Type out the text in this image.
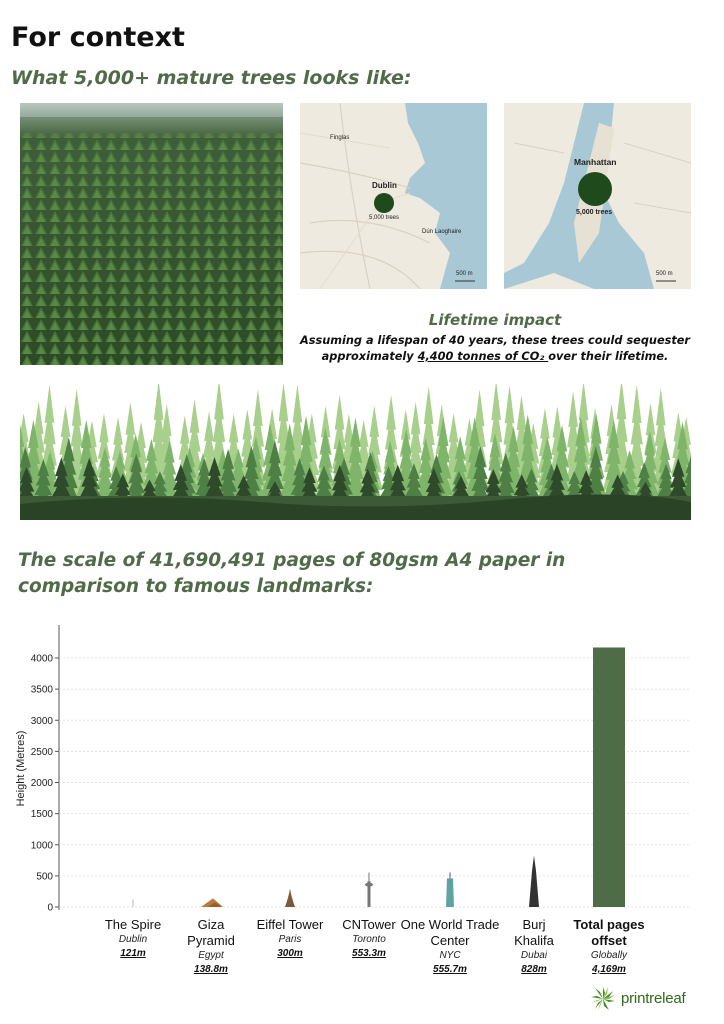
For context
What 5,000+ mature trees looks like:
Finglas
Dublin
5,000 trees
Dún Laoghaire
500 m
Manhattan
5,000 trees
500 m
Lifetime impact
Assuming a lifespan of 40 years, these trees could sequester approximately 4,400 tonnes of CO₂ over their lifetime.
The scale of 41,690,491 pages of 80gsm A4 paper in comparison to famous landmarks:
0
500
1000
1500
2000
2500
3000
3500
4000
Height (Metres)
The Spire
Dublin
121m
Giza Pyramid
Egypt
138.8m
Eiffel Tower
Paris
300m
CNTower
Toronto
553.3m
One World Trade Center
NYC
555.7m
Burj Khalifa
Dubai
828m
Total pages offset
Globally
4,169m
printreleaf
